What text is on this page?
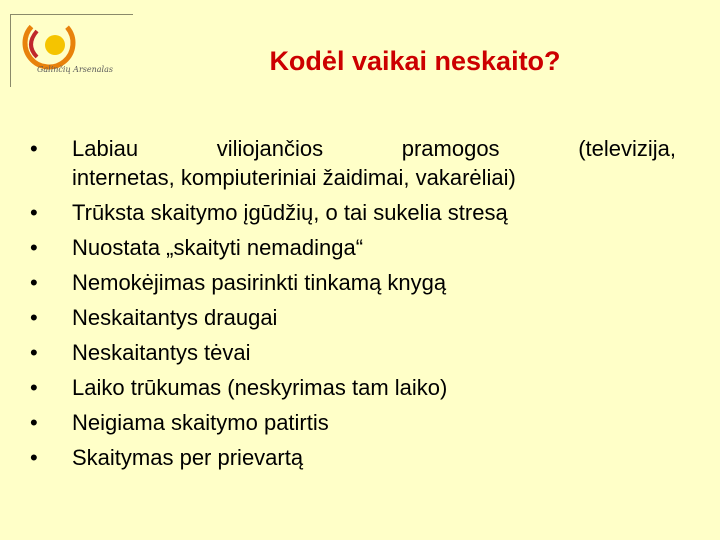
Galinčių Arsenalas	Kodėl vaikai neskaito?
•	Labiau viliojančios pramogos (televizija,
internetas, kompiuteriniai žaidimai, vakarėliai)
•	Trūksta skaitymo įgūdžių, o tai sukelia stresą
•	Nuostata „skaityti nemadinga“
•	Nemokėjimas pasirinkti tinkamą knygą
•	Neskaitantys draugai
•	Neskaitantys tėvai
•	Laiko trūkumas (neskyrimas tam laiko)
•	Neigiama skaitymo patirtis
•	Skaitymas per prievartą
